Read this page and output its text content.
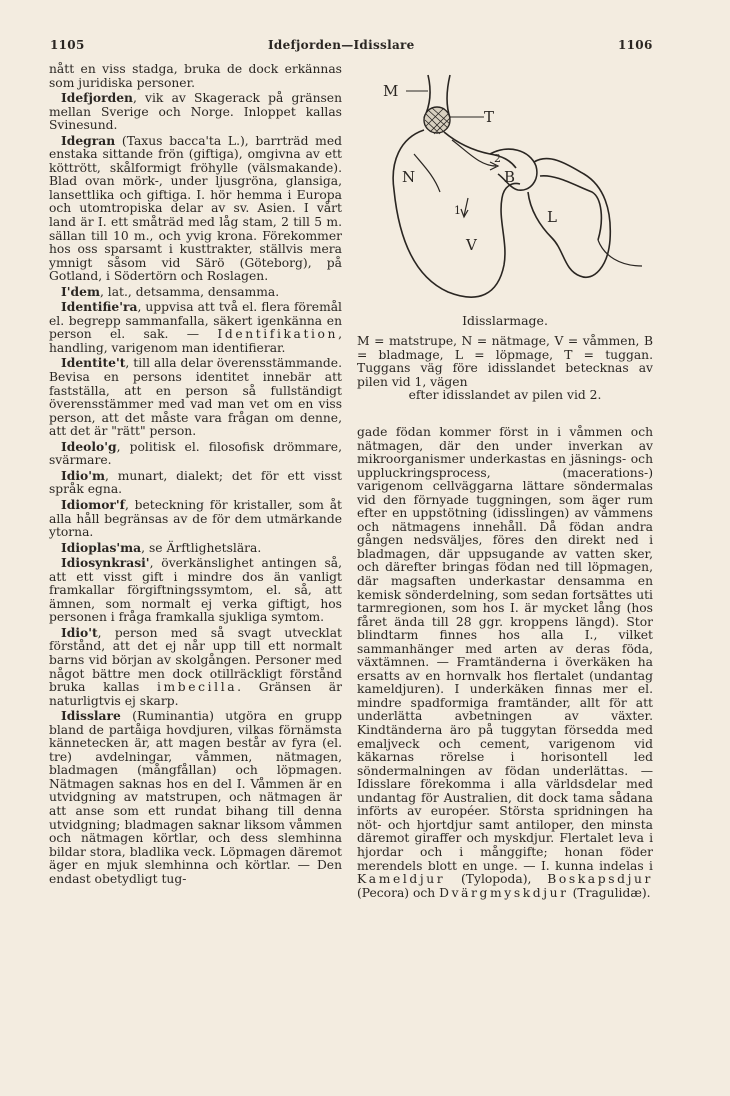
1105	Idefjorden—Idisslare	1106

nått en viss stadga, bruka de dock erkännas som juridiska personer.

Idefjorden, vik av Skagerack på gränsen mellan Sverige och Norge. Inloppet kallas Svinesund.

Idegran (Taxus bacca'ta L.), barrträd med enstaka sittande frön (giftiga), omgivna av ett köttrött, skålformigt fröhylle (välsmakande). Blad ovan mörk-, under ljusgröna, glansiga, lansettlika och giftiga. I. hör hemma i Europa och utomtropiska delar av sv. Asien. I vårt land är I. ett småträd med låg stam, 2 till 5 m. sällan till 10 m., och yvig krona. Förekommer hos oss sparsamt i kusttrakter, ställvis mera ymnigt såsom vid Särö (Göteborg), på Gotland, i Södertörn och Roslagen.

I'dem, lat., detsamma, densamma.

Identifie'ra, uppvisa att två el. flera föremål el. begrepp sammanfalla, säkert igenkänna en person el. sak. — Identifikation, handling, varigenom man identifierar.

Identite't, till alla delar överensstämmande. Bevisa en persons identitet innebär att fastställa, att en person så fullständigt överensstämmer med vad man vet om en viss person, att det måste vara frågan om denne, att det är "rätt" person.

Ideolo'g, politisk el. filosofisk drömmare, svärmare.

Idio'm, munart, dialekt; det för ett visst språk egna.

Idiomor'f, beteckning för kristaller, som åt alla håll begränsas av de för dem utmärkande ytorna.

Idioplas'ma, se Ärftlighetslära.

Idiosynkrasi', överkänslighet antingen så, att ett visst gift i mindre dos än vanligt framkallar förgiftningssymtom, el. så, att ämnen, som normalt ej verka giftigt, hos personen i fråga framkalla sjukliga symtom.

Idio't, person med så svagt utvecklat förstånd, att det ej når upp till ett normalt barns vid början av skolgången. Personer med något bättre men dock otillräckligt förstånd bruka kallas imbecilla. Gränsen är naturligtvis ej skarp.

Idisslare (Ruminantia) utgöra en grupp bland de partåiga hovdjuren, vilkas förnämsta kännetecken är, att magen består av fyra (el. tre) avdelningar, våmmen, nätmagen, bladmagen (mångfållan) och löpmagen. Nätmagen saknas hos en del I. Våmmen är en utvidgning av matstrupen, och nätmagen är att anse som ett rundat bihang till denna utvidgning; bladmagen saknar liksom våmmen och nätmagen körtlar, och dess slemhinna bildar stora, bladlika veck. Löpmagen däremot äger en mjuk slemhinna och körtlar. — Den endast obetydligt tug-

M
T
N	B
L
V
1
2
Idisslarmage.
M = matstrupe, N = nätmage, V = våmmen, B = bladmage, L = löpmage, T = tuggan. Tuggans väg före idisslandet betecknas av pilen vid 1, vägen
efter idisslandet av pilen vid 2.

gade födan kommer först in i våmmen och nätmagen, där den under inverkan av mikroorganismer underkastas en jäsnings- och uppluckringsprocess, (macerations-) varigenom cellväggarna lättare söndermalas vid den förnyade tuggningen, som äger rum efter en uppstötning (idisslingen) av våmmens och nätmagens innehåll. Då födan andra gången nedsväljes, föres den direkt ned i bladmagen, där uppsugande av vatten sker, och därefter bringas födan ned till löpmagen, där magsaften underkastar densamma en kemisk sönderdelning, som sedan fortsättes uti tarmregionen, som hos I. är mycket lång (hos fåret ända till 28 ggr. kroppens längd). Stor blindtarm finnes hos alla I., vilket sammanhänger med arten av deras föda, växtämnen. — Framtänderna i överkäken ha ersatts av en hornvalk hos flertalet (undantag kameldjuren). I underkäken finnas mer el. mindre spadformiga framtänder, allt för att underlätta avbetningen av växter. Kindtänderna äro på tuggytan försedda med emaljveck och cement, varigenom vid käkarnas rörelse i horisontell led söndermalningen av födan underlättas. — Idisslare förekomma i alla världsdelar med undantag för Australien, dit dock tama sådana införts av européer. Största spridningen ha nöt- och hjortdjur samt antiloper, den minsta däremot giraffer och myskdjur. Flertalet leva i hjordar och i månggifte; honan föder merendels blott en unge. — I. kunna indelas i Kameldjur (Tylopoda), Boskapsdjur (Pecora) och Dvärgmyskdjur (Tragulidæ).
